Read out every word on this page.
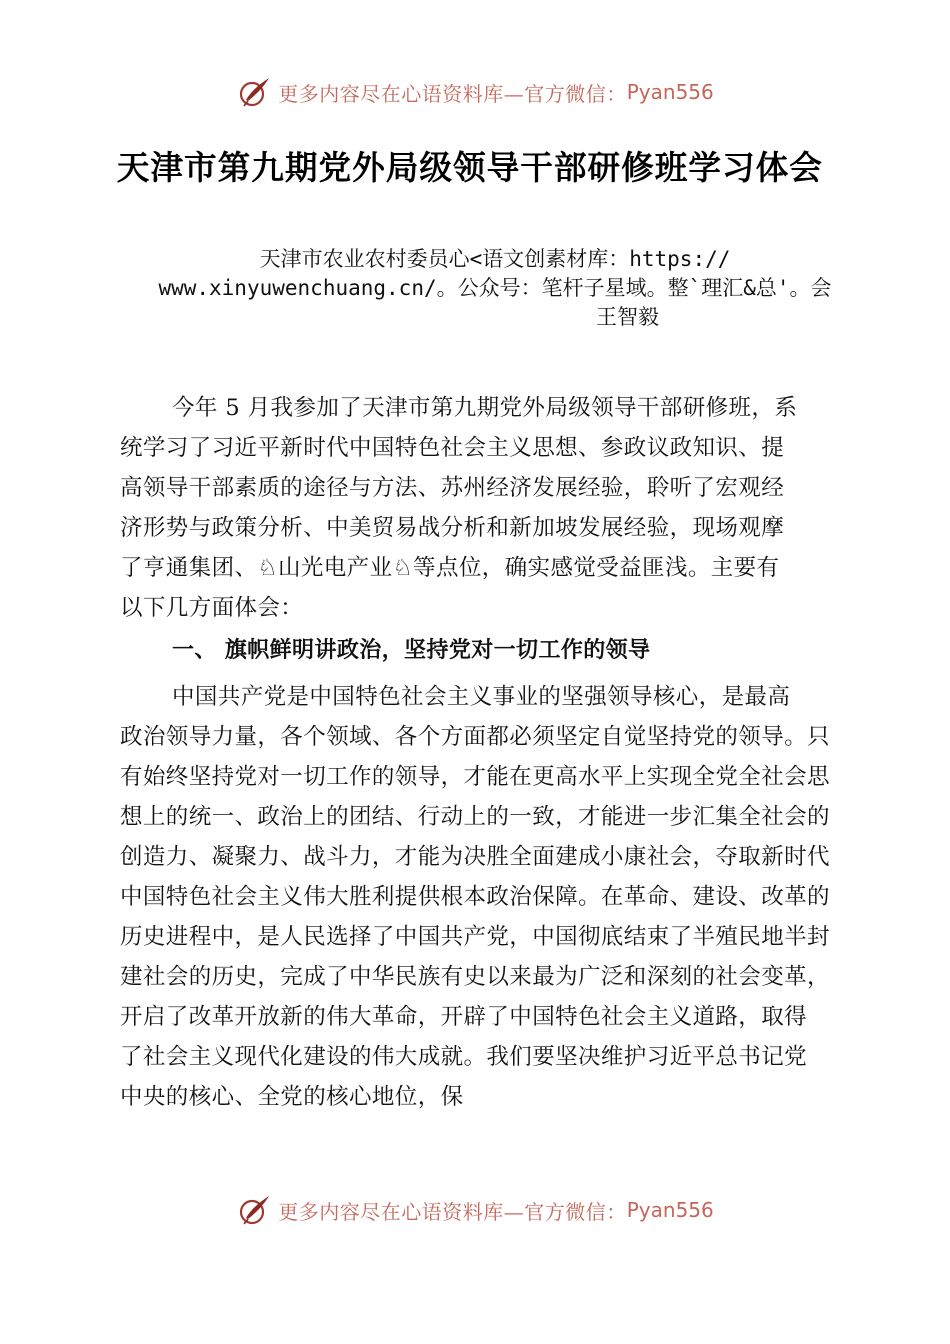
更多内容尽在心语资料库—官方微信： Pyan556
天津市第九期党外局级领导干部研修班学习体会
天津市农业农村委员心<语文创素材库：https://
www.xinyuwenchuang.cn/。公众号：笔杆子星域。整`理汇&总'。会
王智毅
今年 5 月我参加了天津市第九期党外局级领导干部研修班，系
统学习了习近平新时代中国特色社会主义思想、参政议政知识、提
高领导干部素质的途径与方法、苏州经济发展经验，聆听了宏观经
济形势与政策分析、中美贸易战分析和新加坡发展经验，现场观摩
了亨通集团、♘山光电产业♘等点位，确实感觉受益匪浅。主要有
以下几方面体会：
一、 旗帜鲜明讲政治，坚持党对一切工作的领导
中国共产党是中国特色社会主义事业的坚强领导核心，是最高
政治领导力量，各个领域、各个方面都必须坚定自觉坚持党的领导。只
有始终坚持党对一切工作的领导，才能在更高水平上实现全党全社会思
想上的统一、政治上的团结、行动上的一致，才能进一步汇集全社会的
创造力、凝聚力、战斗力，才能为决胜全面建成小康社会，夺取新时代
中国特色社会主义伟大胜利提供根本政治保障。在革命、建设、改革的
历史进程中，是人民选择了中国共产党，中国彻底结束了半殖民地半封
建社会的历史，完成了中华民族有史以来最为广泛和深刻的社会变革，
开启了改革开放新的伟大革命，开辟了中国特色社会主义道路，取得
了社会主义现代化建设的伟大成就。我们要坚决维护习近平总书记党
中央的核心、全党的核心地位，保
更多内容尽在心语资料库—官方微信： Pyan556
